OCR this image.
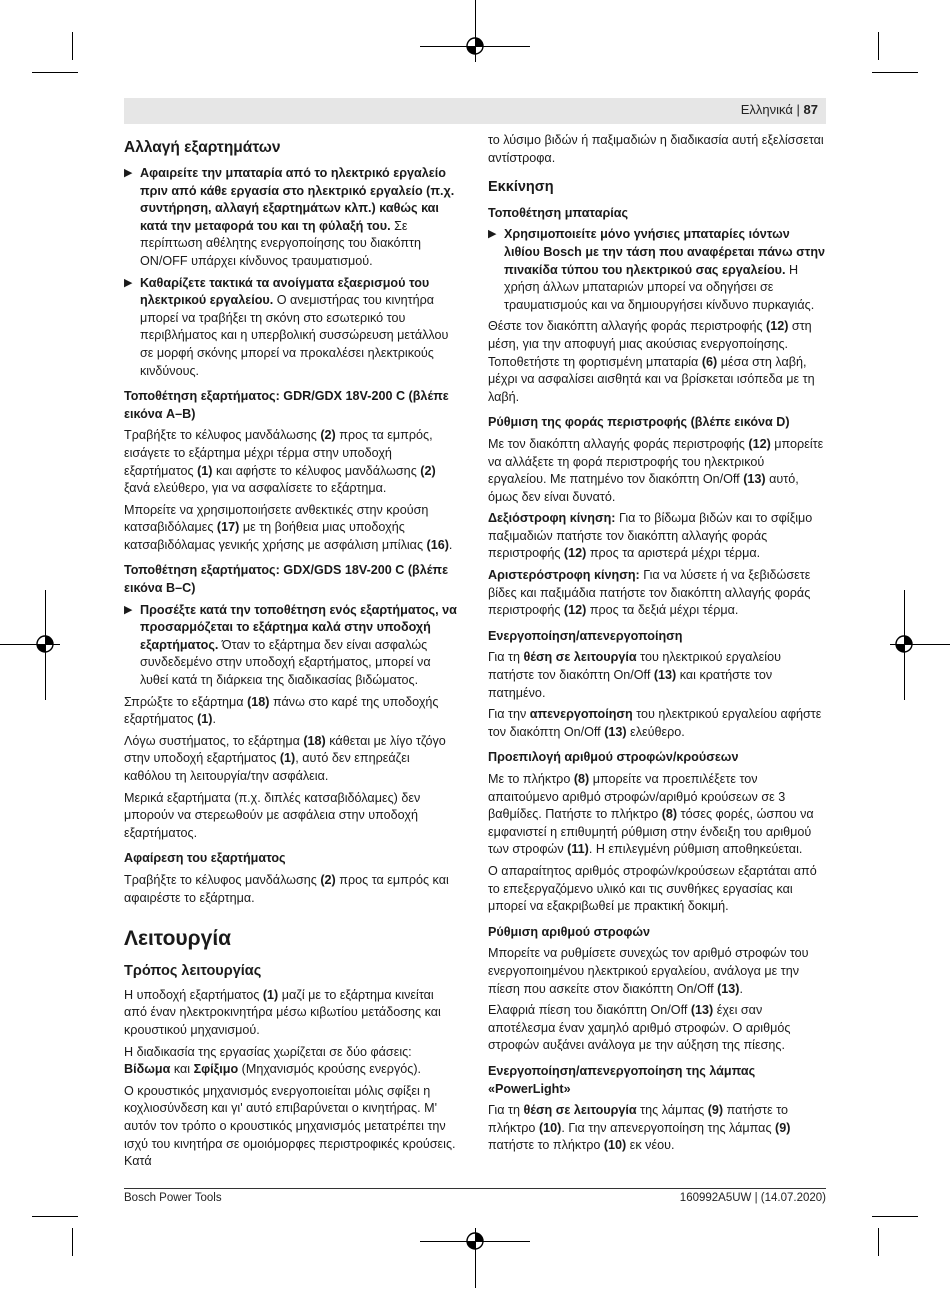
Ελληνικά | 87
Αλλαγή εξαρτημάτων
▶ Αφαιρείτε την μπαταρία από το ηλεκτρικό εργαλείο πριν από κάθε εργασία στο ηλεκτρικό εργαλείο (π.χ. συντήρηση, αλλαγή εξαρτημάτων κλπ.) καθώς και κατά την μεταφορά του και τη φύλαξή του. Σε περίπτωση αθέλητης ενεργοποίησης του διακόπτη ON/OFF υπάρχει κίνδυνος τραυματισμού.
▶ Καθαρίζετε τακτικά τα ανοίγματα εξαερισμού του ηλεκτρικού εργαλείου. Ο ανεμιστήρας του κινητήρα μπορεί να τραβήξει τη σκόνη στο εσωτερικό του περιβλήματος και η υπερβολική συσσώρευση μετάλλου σε μορφή σκόνης μπορεί να προκαλέσει ηλεκτρικούς κινδύνους.
Τοποθέτηση εξαρτήματος: GDR/GDX 18V-200 C (βλέπε εικόνα A–B)

Τραβήξτε το κέλυφος μανδάλωσης (2) προς τα εμπρός, εισάγετε το εξάρτημα μέχρι τέρμα στην υποδοχή εξαρτήματος (1) και αφήστε το κέλυφος μανδάλωσης (2) ξανά ελεύθερο, για να ασφαλίσετε το εξάρτημα.

Μπορείτε να χρησιμοποιήσετε ανθεκτικές στην κρούση κατσαβιδόλαμες (17) με τη βοήθεια μιας υποδοχής κατσαβιδόλαμας γενικής χρήσης με ασφάλιση μπίλιας (16).

Τοποθέτηση εξαρτήματος: GDX/GDS 18V-200 C (βλέπε εικόνα B–C)
▶ Προσέξτε κατά την τοποθέτηση ενός εξαρτήματος, να προσαρμόζεται το εξάρτημα καλά στην υποδοχή εξαρτήματος. Όταν το εξάρτημα δεν είναι ασφαλώς συνδεδεμένο στην υποδοχή εξαρτήματος, μπορεί να λυθεί κατά τη διάρκεια της διαδικασίας βιδώματος.

Σπρώξτε το εξάρτημα (18) πάνω στο καρέ της υποδοχής εξαρτήματος (1).

Λόγω συστήματος, το εξάρτημα (18) κάθεται με λίγο τζόγο στην υποδοχή εξαρτήματος (1), αυτό δεν επηρεάζει καθόλου τη λειτουργία/την ασφάλεια.

Μερικά εξαρτήματα (π.χ. διπλές κατσαβιδόλαμες) δεν μπορούν να στερεωθούν με ασφάλεια στην υποδοχή εξαρτήματος.

Αφαίρεση του εξαρτήματος

Τραβήξτε το κέλυφος μανδάλωσης (2) προς τα εμπρός και αφαιρέστε το εξάρτημα.

Λειτουργία
Τρόπος λειτουργίας

Η υποδοχή εξαρτήματος (1) μαζί με το εξάρτημα κινείται από έναν ηλεκτροκινητήρα μέσω κιβωτίου μετάδοσης και κρουστικού μηχανισμού.

Η διαδικασία της εργασίας χωρίζεται σε δύο φάσεις:
Βίδωμα και Σφίξιμο (Μηχανισμός κρούσης ενεργός).

Ο κρουστικός μηχανισμός ενεργοποιείται μόλις σφίξει η κοχλιοσύνδεση και γι' αυτό επιβαρύνεται ο κινητήρας. Μ' αυτόν τον τρόπο ο κρουστικός μηχανισμός μετατρέπει την ισχύ του κινητήρα σε ομοιόμορφες περιστροφικές κρούσεις. Κατά

το λύσιμο βιδών ή παξιμαδιών η διαδικασία αυτή εξελίσσεται αντίστροφα.

Εκκίνηση
Τοποθέτηση μπαταρίας
▶ Χρησιμοποιείτε μόνο γνήσιες μπαταρίες ιόντων λιθίου Bosch με την τάση που αναφέρεται πάνω στην πινακίδα τύπου του ηλεκτρικού σας εργαλείου. Η χρήση άλλων μπαταριών μπορεί να οδηγήσει σε τραυματισμούς και να δημιουργήσει κίνδυνο πυρκαγιάς.

Θέστε τον διακόπτη αλλαγής φοράς περιστροφής (12) στη μέση, για την αποφυγή μιας ακούσιας ενεργοποίησης. Τοποθετήστε τη φορτισμένη μπαταρία (6) μέσα στη λαβή, μέχρι να ασφαλίσει αισθητά και να βρίσκεται ισόπεδα με τη λαβή.

Ρύθμιση της φοράς περιστροφής (βλέπε εικόνα D)

Με τον διακόπτη αλλαγής φοράς περιστροφής (12) μπορείτε να αλλάξετε τη φορά περιστροφής του ηλεκτρικού εργαλείου. Με πατημένο τον διακόπτη On/Off (13) αυτό, όμως δεν είναι δυνατό.

Δεξιόστροφη κίνηση: Για το βίδωμα βιδών και το σφίξιμο παξιμαδιών πατήστε τον διακόπτη αλλαγής φοράς περιστροφής (12) προς τα αριστερά μέχρι τέρμα.

Αριστερόστροφη κίνηση: Για να λύσετε ή να ξεβιδώσετε βίδες και παξιμάδια πατήστε τον διακόπτη αλλαγής φοράς περιστροφής (12) προς τα δεξιά μέχρι τέρμα.

Ενεργοποίηση/απενεργοποίηση

Για τη θέση σε λειτουργία του ηλεκτρικού εργαλείου πατήστε τον διακόπτη On/Off (13) και κρατήστε τον πατημένο.

Για την απενεργοποίηση του ηλεκτρικού εργαλείου αφήστε τον διακόπτη On/Off (13) ελεύθερο.

Προεπιλογή αριθμού στροφών/κρούσεων

Με το πλήκτρο (8) μπορείτε να προεπιλέξετε τον απαιτούμενο αριθμό στροφών/αριθμό κρούσεων σε 3 βαθμίδες. Πατήστε το πλήκτρο (8) τόσες φορές, ώσπου να εμφανιστεί η επιθυμητή ρύθμιση στην ένδειξη του αριθμού των στροφών (11). Η επιλεγμένη ρύθμιση αποθηκεύεται.

Ο απαραίτητος αριθμός στροφών/κρούσεων εξαρτάται από το επεξεργαζόμενο υλικό και τις συνθήκες εργασίας και μπορεί να εξακριβωθεί με πρακτική δοκιμή.

Ρύθμιση αριθμού στροφών

Μπορείτε να ρυθμίσετε συνεχώς τον αριθμό στροφών του ενεργοποιημένου ηλεκτρικού εργαλείου, ανάλογα με την πίεση που ασκείτε στον διακόπτη On/Off (13).

Ελαφριά πίεση του διακόπτη On/Off (13) έχει σαν αποτέλεσμα έναν χαμηλό αριθμό στροφών. Ο αριθμός στροφών αυξάνει ανάλογα με την αύξηση της πίεσης.

Ενεργοποίηση/απενεργοποίηση της λάμπας «PowerLight»

Για τη θέση σε λειτουργία της λάμπας (9) πατήστε το πλήκτρο (10). Για την απενεργοποίηση της λάμπας (9) πατήστε το πλήκτρο (10) εκ νέου.

Bosch Power Tools	160992A5UW | (14.07.2020)
